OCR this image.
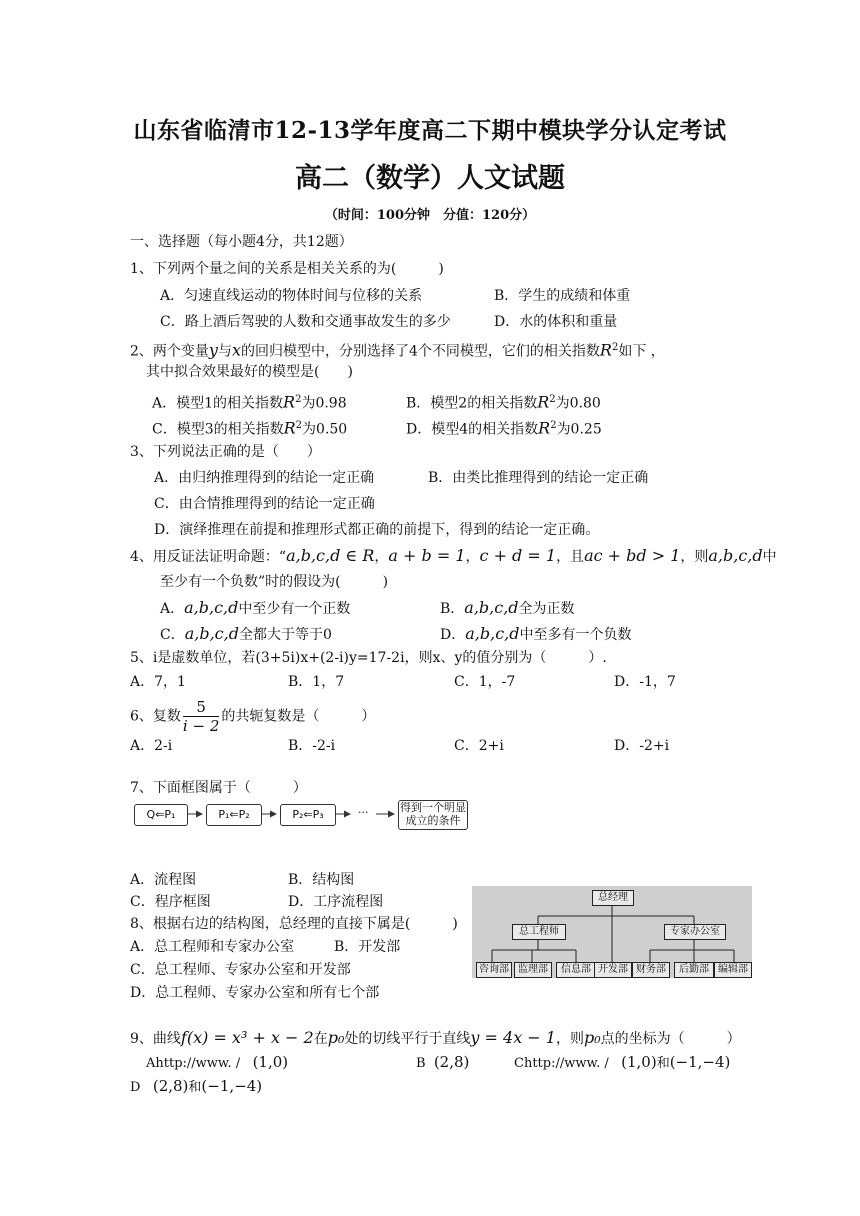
山东省临清市12-13学年度高二下期中模块学分认定考试
高二（数学）人文试题
（时间：100分钟　分值：120分）
一、选择题（每小题4分，共12题）
1、下列两个量之间的关系是相关关系的为(　　　)
A．匀速直线运动的物体时间与位移的关系	B．学生的成绩和体重
C．路上酒后驾驶的人数和交通事故发生的多少	D．水的体积和重量
2、两个变量y与x的回归模型中，分别选择了4个不同模型，它们的相关指数$R^2$如下 ，
其中拟合效果最好的模型是(　　)
A．模型1的相关指数$R^2$为0.98	B．模型2的相关指数$R^2$为0.80
C．模型3的相关指数$R^2$为0.50	D．模型4的相关指数$R^2$为0.25
3、下列说法正确的是（　　）
A．由归纳推理得到的结论一定正确	B．由类比推理得到的结论一定正确
C．由合情推理得到的结论一定正确
D．演绎推理在前提和推理形式都正确的前提下，得到的结论一定正确。
4、用反证法证明命题：“a,b,c,d ∈ R，a + b = 1，c + d = 1，且ac + bd > 1，则a,b,c,d中
至少有一个负数”时的假设为(　　　)
A．a,b,c,d中至少有一个正数	B．a,b,c,d全为正数
C．a,b,c,d全都大于等于0	D．a,b,c,d中至多有一个负数
5、i是虚数单位，若(3+5i)x+(2-i)y=17-2i，则x、y的值分别为（　　　）.
A．7，1	B．1，7	C．1，-7	D．-1，7
6、复数 $\frac{5}{i - 2}$ 的共轭复数是（　　　）
A．2-i	B．-2-i	C．2+i	D．-2+i
7、下面框图属于（　　　）
Q⇐P₁	P₁⇐P₂	P₂⇐P₃	···	得到一个明显
成立的条件
A．流程图	B．结构图
C．程序框图	D．工序流程图
8、根据右边的结构图，总经理的直接下属是(　　　)
A．总工程师和专家办公室	B．开发部
C．总工程师、专家办公室和开发部
D．总工程师、专家办公室和所有七个部
总经理
总工程师	专家办公室
咨询部 监理部	信息部 开发部 财务部	后勤部 编辑部
9、曲线f(x) = x³ + x − 2在p₀处的切线平行于直线y = 4x − 1，则p₀点的坐标为（　　　）
Ahttp://www. / (1,0)	B (2,8)	Chttp://www. / (1,0)和(−1,−4)
D (2,8)和(−1,−4)
